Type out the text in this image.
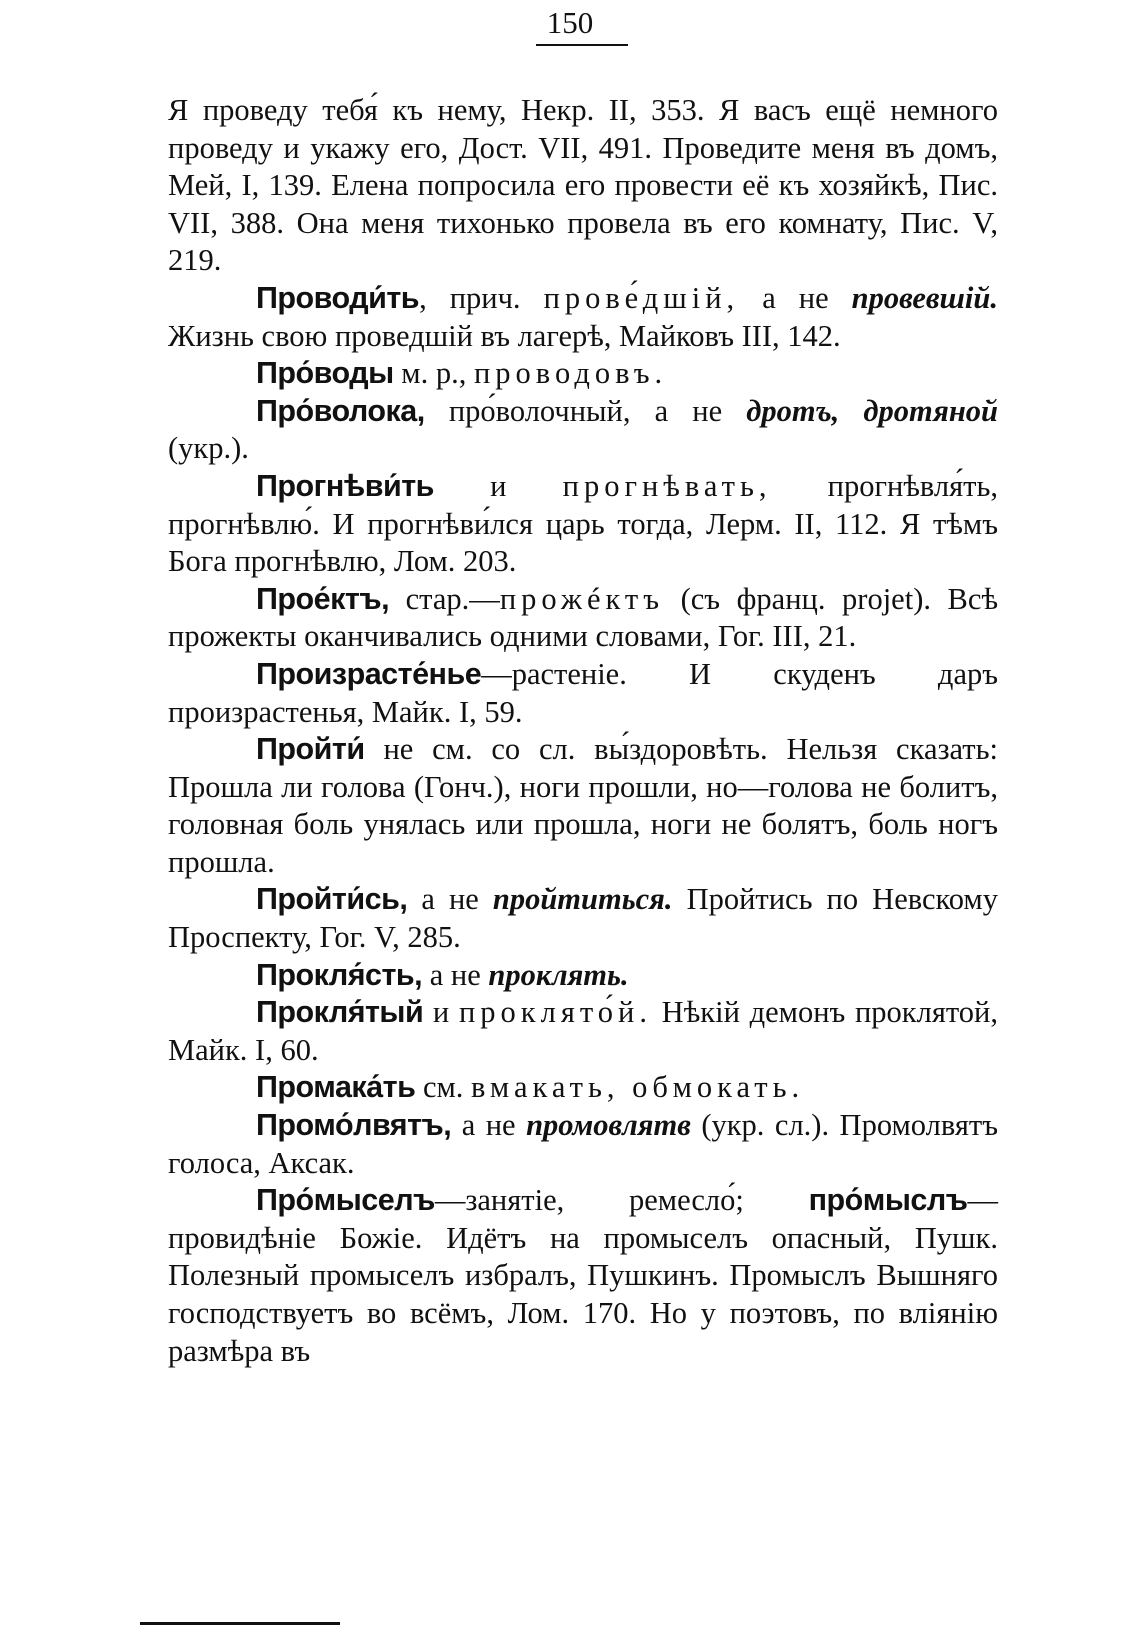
150

Я проведу тебя́ къ нему, Некр. II, 353. Я васъ ещё немного проведу и укажу его, Дост. VII, 491. Проведите меня въ домъ, Мей, I, 139. Елена попросила его провести её къ хозяйкѣ, Пис. VII, 388. Она меня тихонько провела въ его комнату, Пис. V, 219.

Проводи́ть, прич. прове́дшій, а не провевшій. Жизнь свою проведшій въ лагерѣ, Майковъ III, 142.

Про́воды м. р., проводовъ.

Про́волока, про́волочный, а не дротъ, дротяной (укр.).

Прогнѣви́ть и прогнѣвать, прогнѣвля́ть, прогнѣвлю́. И прогнѣви́лся царь тогда, Лерм. II, 112. Я тѣмъ Бога прогнѣвлю, Лом. 203.

Прое́ктъ, стар.—прожéктъ (съ франц. projet). Всѣ прожекты оканчивались одними словами, Гог. III, 21.

Произрасте́нье—растеніе. И скуденъ даръ произрастенья, Майк. I, 59.

Пройти́ не см. со сл. вы́здоровѣть. Нельзя сказать: Прошла ли голова (Гонч.), ноги прошли, но—голова не болитъ, головная боль унялась или прошла, ноги не болятъ, боль ногъ прошла.

Пройти́сь, а не пройтиться. Пройтись по Невскому Проспекту, Гог. V, 285.

Прокля́сть, а не проклять.

Прокля́тый и проклято́й. Нѣкій демонъ проклятой, Майк. I, 60.

Промака́ть см. вмакать, обмокать.

Промо́лвятъ, а не промовлятв (укр. сл.). Промолвятъ голоса, Аксак.

Про́мыселъ—занятіе, ремесло́; про́мыслъ—провидѣніе Божіе. Идётъ на промыселъ опасный, Пушк. Полезный промыселъ избралъ, Пушкинъ. Промыслъ Вышняго господствуетъ во всёмъ, Лом. 170. Но у поэтовъ, по вліянію размѣра въ
